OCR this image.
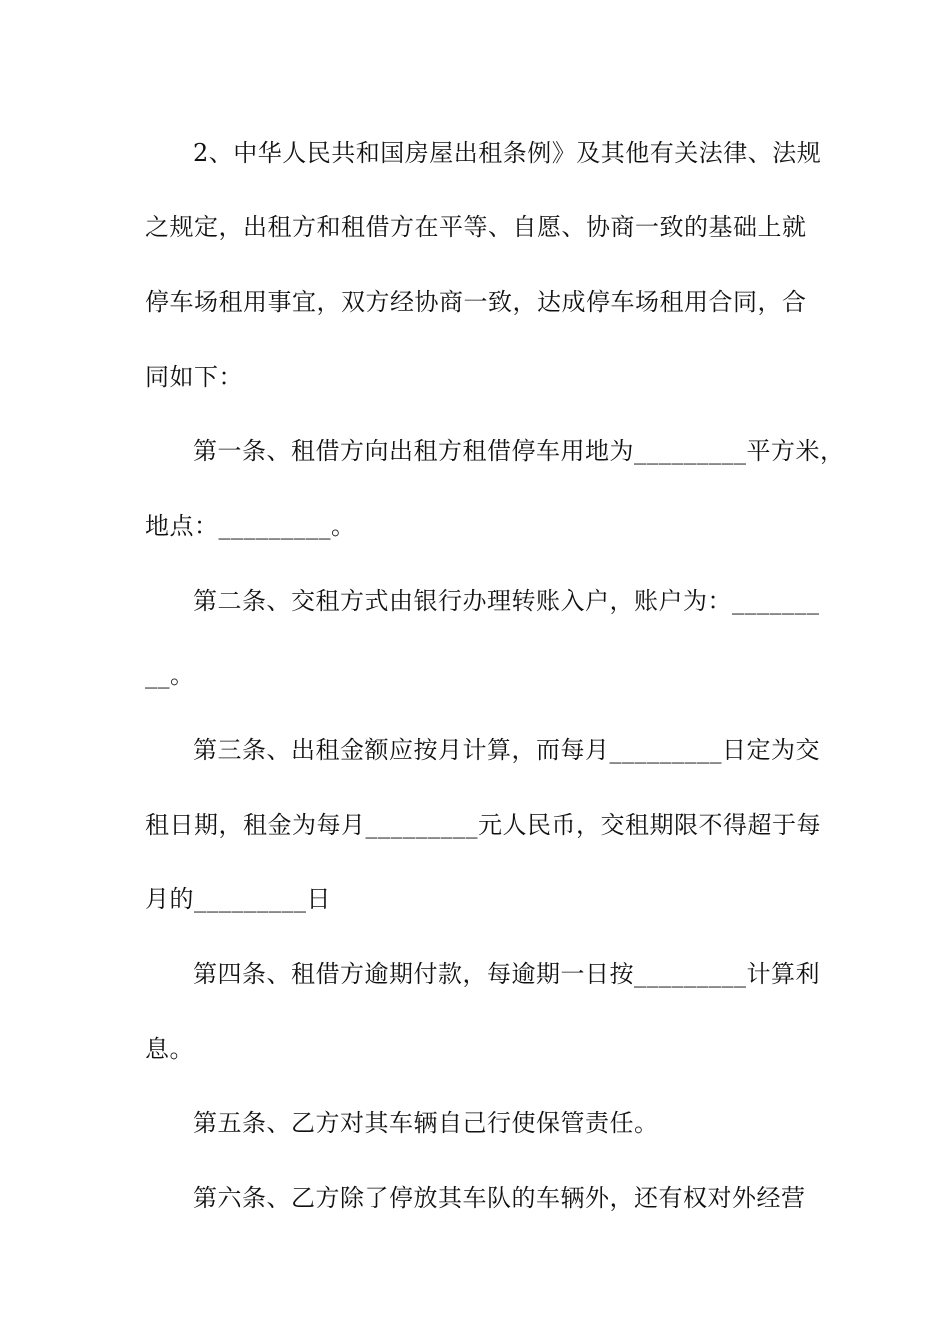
2、中华人民共和国房屋出租条例》及其他有关法律、法规
之规定，出租方和租借方在平等、自愿、协商一致的基础上就
停车场租用事宜，双方经协商一致，达成停车场租用合同，合
同如下：
第一条、租借方向出租方租借停车用地为_________平方米，
地点：_________。
第二条、交租方式由银行办理转账入户，账户为：_______
__。
第三条、出租金额应按月计算，而每月_________日定为交
租日期，租金为每月_________元人民币，交租期限不得超于每
月的_________日
第四条、租借方逾期付款，每逾期一日按_________计算利
息。
第五条、乙方对其车辆自己行使保管责任。
第六条、乙方除了停放其车队的车辆外，还有权对外经营
